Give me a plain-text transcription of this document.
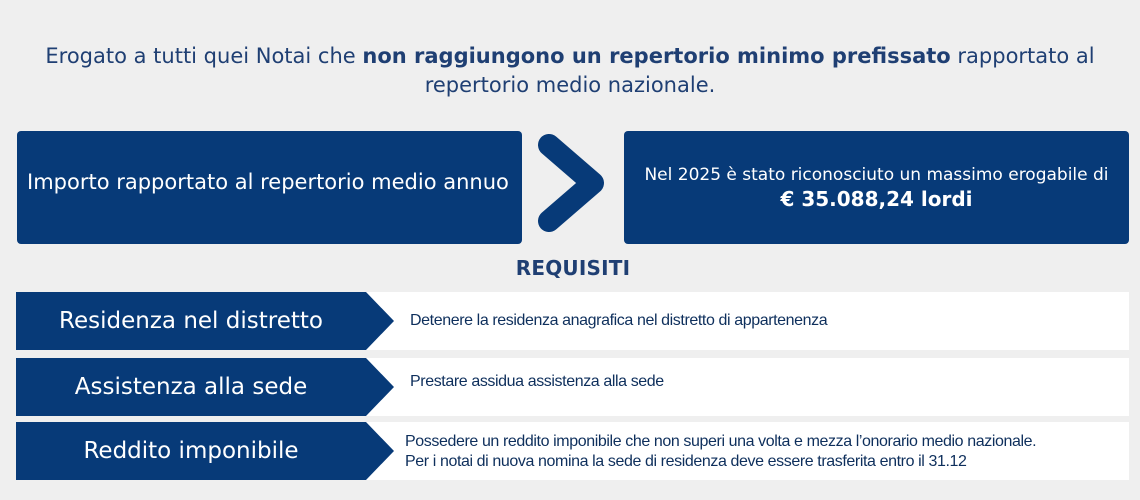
Erogato a tutti quei Notai che non raggiungono un repertorio minimo prefissato rapportato al
repertorio medio nazionale.
Importo rapportato al repertorio medio annuo	Nel 2025 è stato riconosciuto un massimo erogabile di
€ 35.088,24 lordi
REQUISITI
Residenza nel distretto	Detenere la residenza anagrafica nel distretto di appartenenza
Assistenza alla sede	Prestare assidua assistenza alla sede
Reddito imponibile	Possedere un reddito imponibile che non superi una volta e mezza l’onorario medio nazionale.
Per i notai di nuova nomina la sede di residenza deve essere trasferita entro il 31.12
